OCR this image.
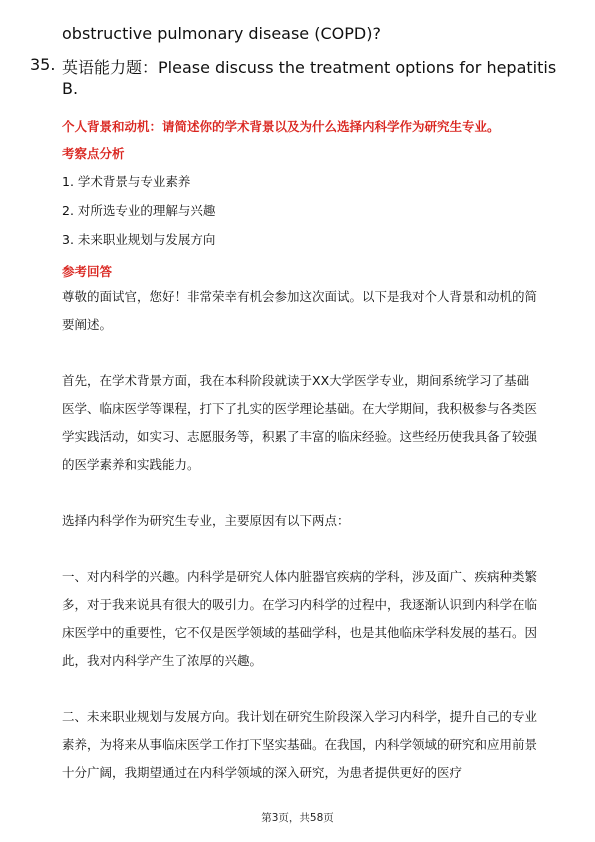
obstructive pulmonary disease (COPD)?
35. 英语能力题：Please discuss the treatment options for hepatitis
B.
个人背景和动机：请简述你的学术背景以及为什么选择内科学作为研究生专业。
考察点分析
1. 学术背景与专业素养
2. 对所选专业的理解与兴趣
3. 未来职业规划与发展方向
参考回答
尊敬的面试官，您好！非常荣幸有机会参加这次面试。以下是我对个人背景和动机的简要阐述。
首先，在学术背景方面，我在本科阶段就读于XX大学医学专业，期间系统学习了基础医学、临床医学等课程，打下了扎实的医学理论基础。在大学期间，我积极参与各类医学实践活动，如实习、志愿服务等，积累了丰富的临床经验。这些经历使我具备了较强的医学素养和实践能力。
选择内科学作为研究生专业，主要原因有以下两点：
一、对内科学的兴趣。内科学是研究人体内脏器官疾病的学科，涉及面广、疾病种类繁多，对于我来说具有很大的吸引力。在学习内科学的过程中，我逐渐认识到内科学在临床医学中的重要性，它不仅是医学领域的基础学科，也是其他临床学科发展的基石。因此，我对内科学产生了浓厚的兴趣。
二、未来职业规划与发展方向。我计划在研究生阶段深入学习内科学，提升自己的专业素养，为将来从事临床医学工作打下坚实基础。在我国，内科学领域的研究和应用前景十分广阔，我期望通过在内科学领域的深入研究，为患者提供更好的医疗
第3页，共58页
